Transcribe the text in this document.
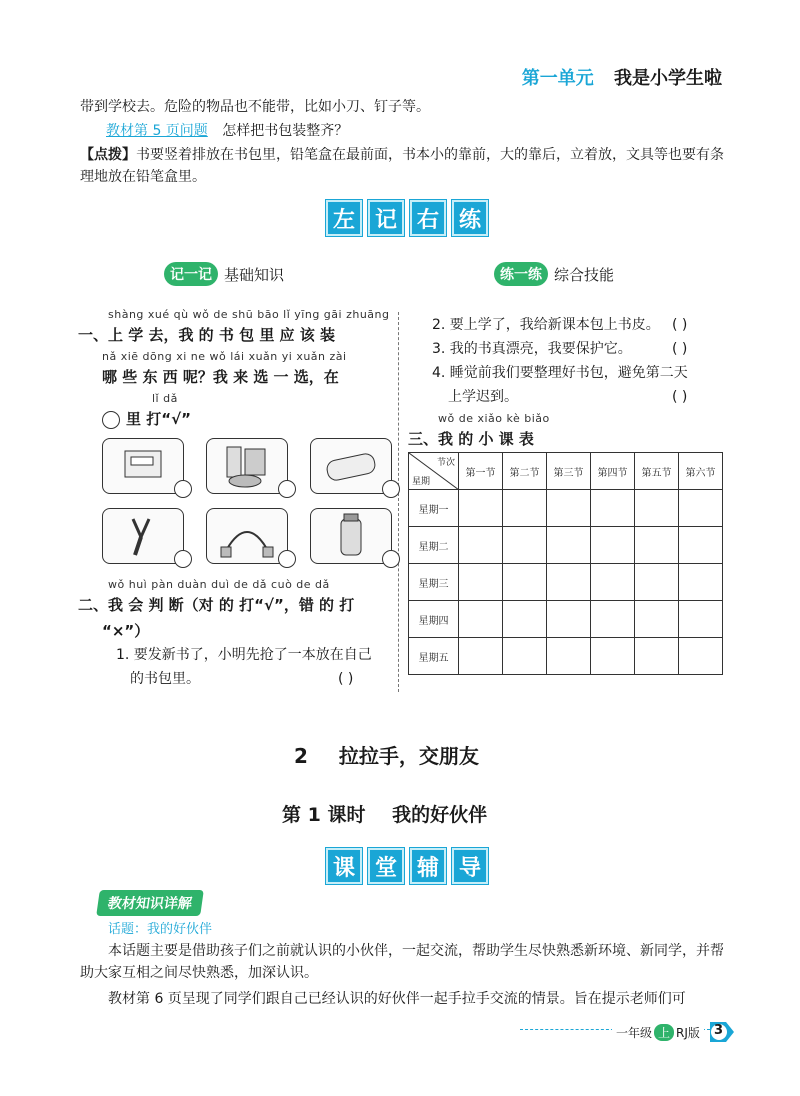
第一单元 我是小学生啦
带到学校去。危险的物品也不能带，比如小刀、钉子等。
教材第 5 页问题 怎样把书包装整齐？
【点拨】书要竖着排放在书包里，铅笔盒在最前面，书本小的靠前，大的靠后，立着放，文具等也要有条理地放在铅笔盒里。
左 记 右 练
记一记 基础知识	练一练 综合技能
shàng xué qù wǒ de shū bāo lǐ yīng gāi zhuāng
一、上 学 去，我 的 书 包 里 应 该 装
nǎ xiē dōng xi ne wǒ lái xuǎn yi xuǎn zài
哪 些 东 西 呢？我 来 选 一 选，在
lǐ dǎ
里 打“√”
wǒ huì pàn duàn duì de dǎ cuò de dǎ
二、我 会 判 断（对 的 打“√”，错 的 打
“×”）
1. 要发新书了，小明先抢了一本放在自己
的书包里。	( )
2. 要上学了，我给新课本包上书皮。 ( )
3. 我的书真漂亮，我要保护它。	( )
4. 睡觉前我们要整理好书包，避免第二天
上学迟到。	( )
wǒ de xiǎo kè biǎo
三、我 的 小 课 表
节次
星期	第一节	第二节	第三节	第四节	第五节	第六节
星期一						
星期二						
星期三						
星期四						
星期五						
2 拉拉手，交朋友
第 1 课时 我的好伙伴
课 堂 辅 导
教材知识详解
话题：我的好伙伴
本话题主要是借助孩子们之前就认识的小伙伴，一起交流，帮助学生尽快熟悉新环境、新同学，并帮助大家互相之间尽快熟悉，加深认识。
教材第 6 页呈现了同学们跟自己已经认识的好伙伴一起手拉手交流的情景。旨在提示老师们可
一年级 上 RJ版 3
